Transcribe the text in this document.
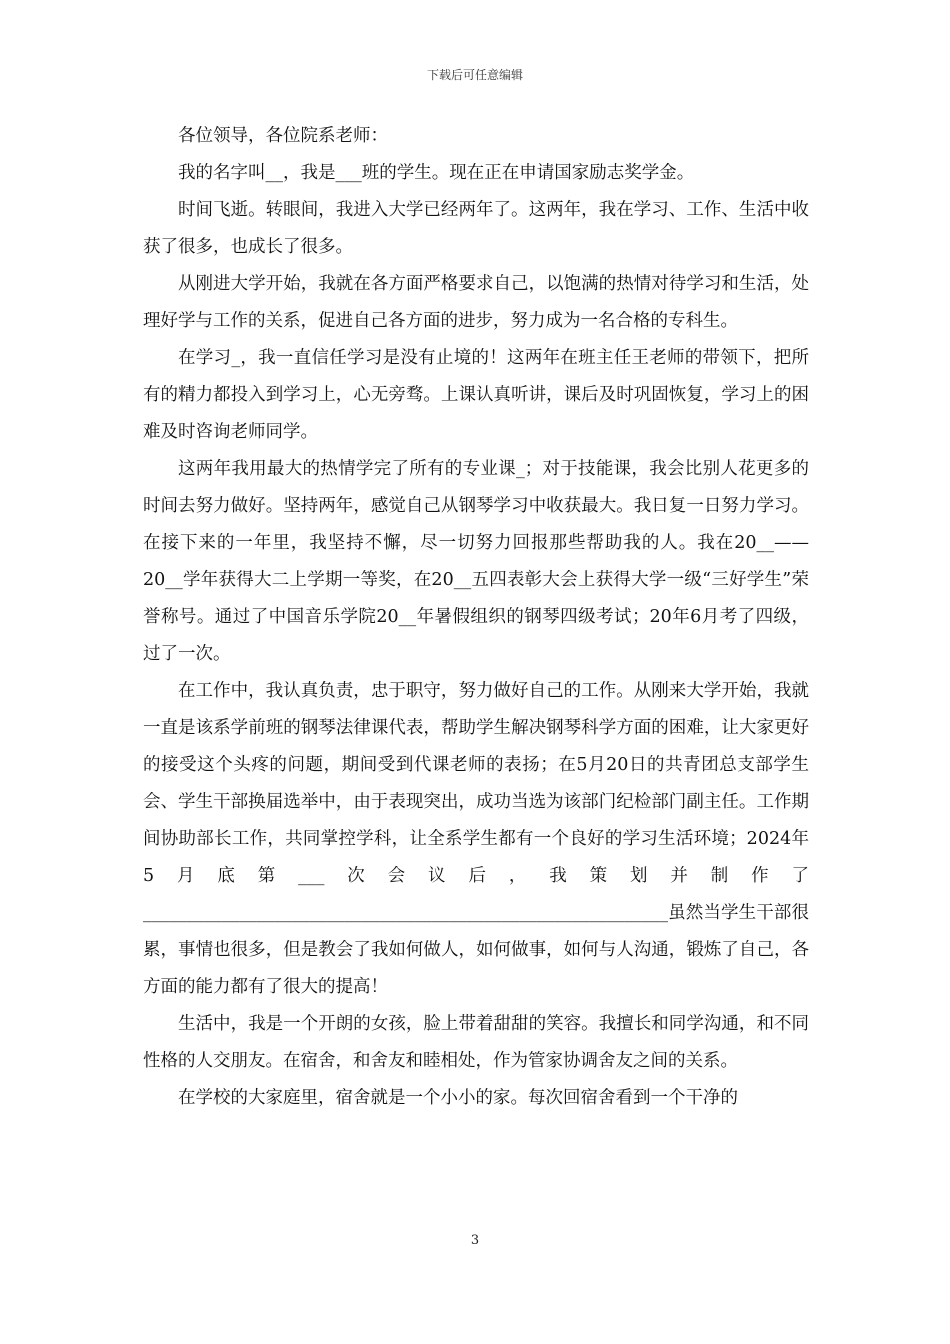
下载后可任意编辑

各位领导，各位院系老师：

我的名字叫__，我是___班的学生。现在正在申请国家励志奖学金。

时间飞逝。转眼间，我进入大学已经两年了。这两年，我在学习、工作、生活中收获了很多，也成长了很多。

从刚进大学开始，我就在各方面严格要求自己，以饱满的热情对待学习和生活，处理好学与工作的关系，促进自己各方面的进步，努力成为一名合格的专科生。

在学习_，我一直信任学习是没有止境的！这两年在班主任王老师的带领下，把所有的精力都投入到学习上，心无旁骛。上课认真听讲，课后及时巩固恢复，学习上的困难及时咨询老师同学。

这两年我用最大的热情学完了所有的专业课_；对于技能课，我会比别人花更多的时间去努力做好。坚持两年，感觉自己从钢琴学习中收获最大。我日复一日努力学习。在接下来的一年里，我坚持不懈，尽一切努力回报那些帮助我的人。我在20__——20__学年获得大二上学期一等奖，在20__五四表彰大会上获得大学一级“三好学生”荣誉称号。通过了中国音乐学院20__年暑假组织的钢琴四级考试；20年6月考了四级，过了一次。

在工作中，我认真负责，忠于职守，努力做好自己的工作。从刚来大学开始，我就一直是该系学前班的钢琴法律课代表，帮助学生解决钢琴科学方面的困难，让大家更好的接受这个头疼的问题，期间受到代课老师的表扬；在5月20日的共青团总支部学生会、学生干部换届选举中，由于表现突出，成功当选为该部门纪检部门副主任。工作期间协助部长工作，共同掌控学科，让全系学生都有一个良好的学习生活环境；2024年5月底第___次会议后，我策划并制作了____________________________________________________________虽然当学生干部很累，事情也很多，但是教会了我如何做人，如何做事，如何与人沟通，锻炼了自己，各方面的能力都有了很大的提高！

生活中，我是一个开朗的女孩，脸上带着甜甜的笑容。我擅长和同学沟通，和不同性格的人交朋友。在宿舍，和舍友和睦相处，作为管家协调舍友之间的关系。

在学校的大家庭里，宿舍就是一个小小的家。每次回宿舍看到一个干净的

3
